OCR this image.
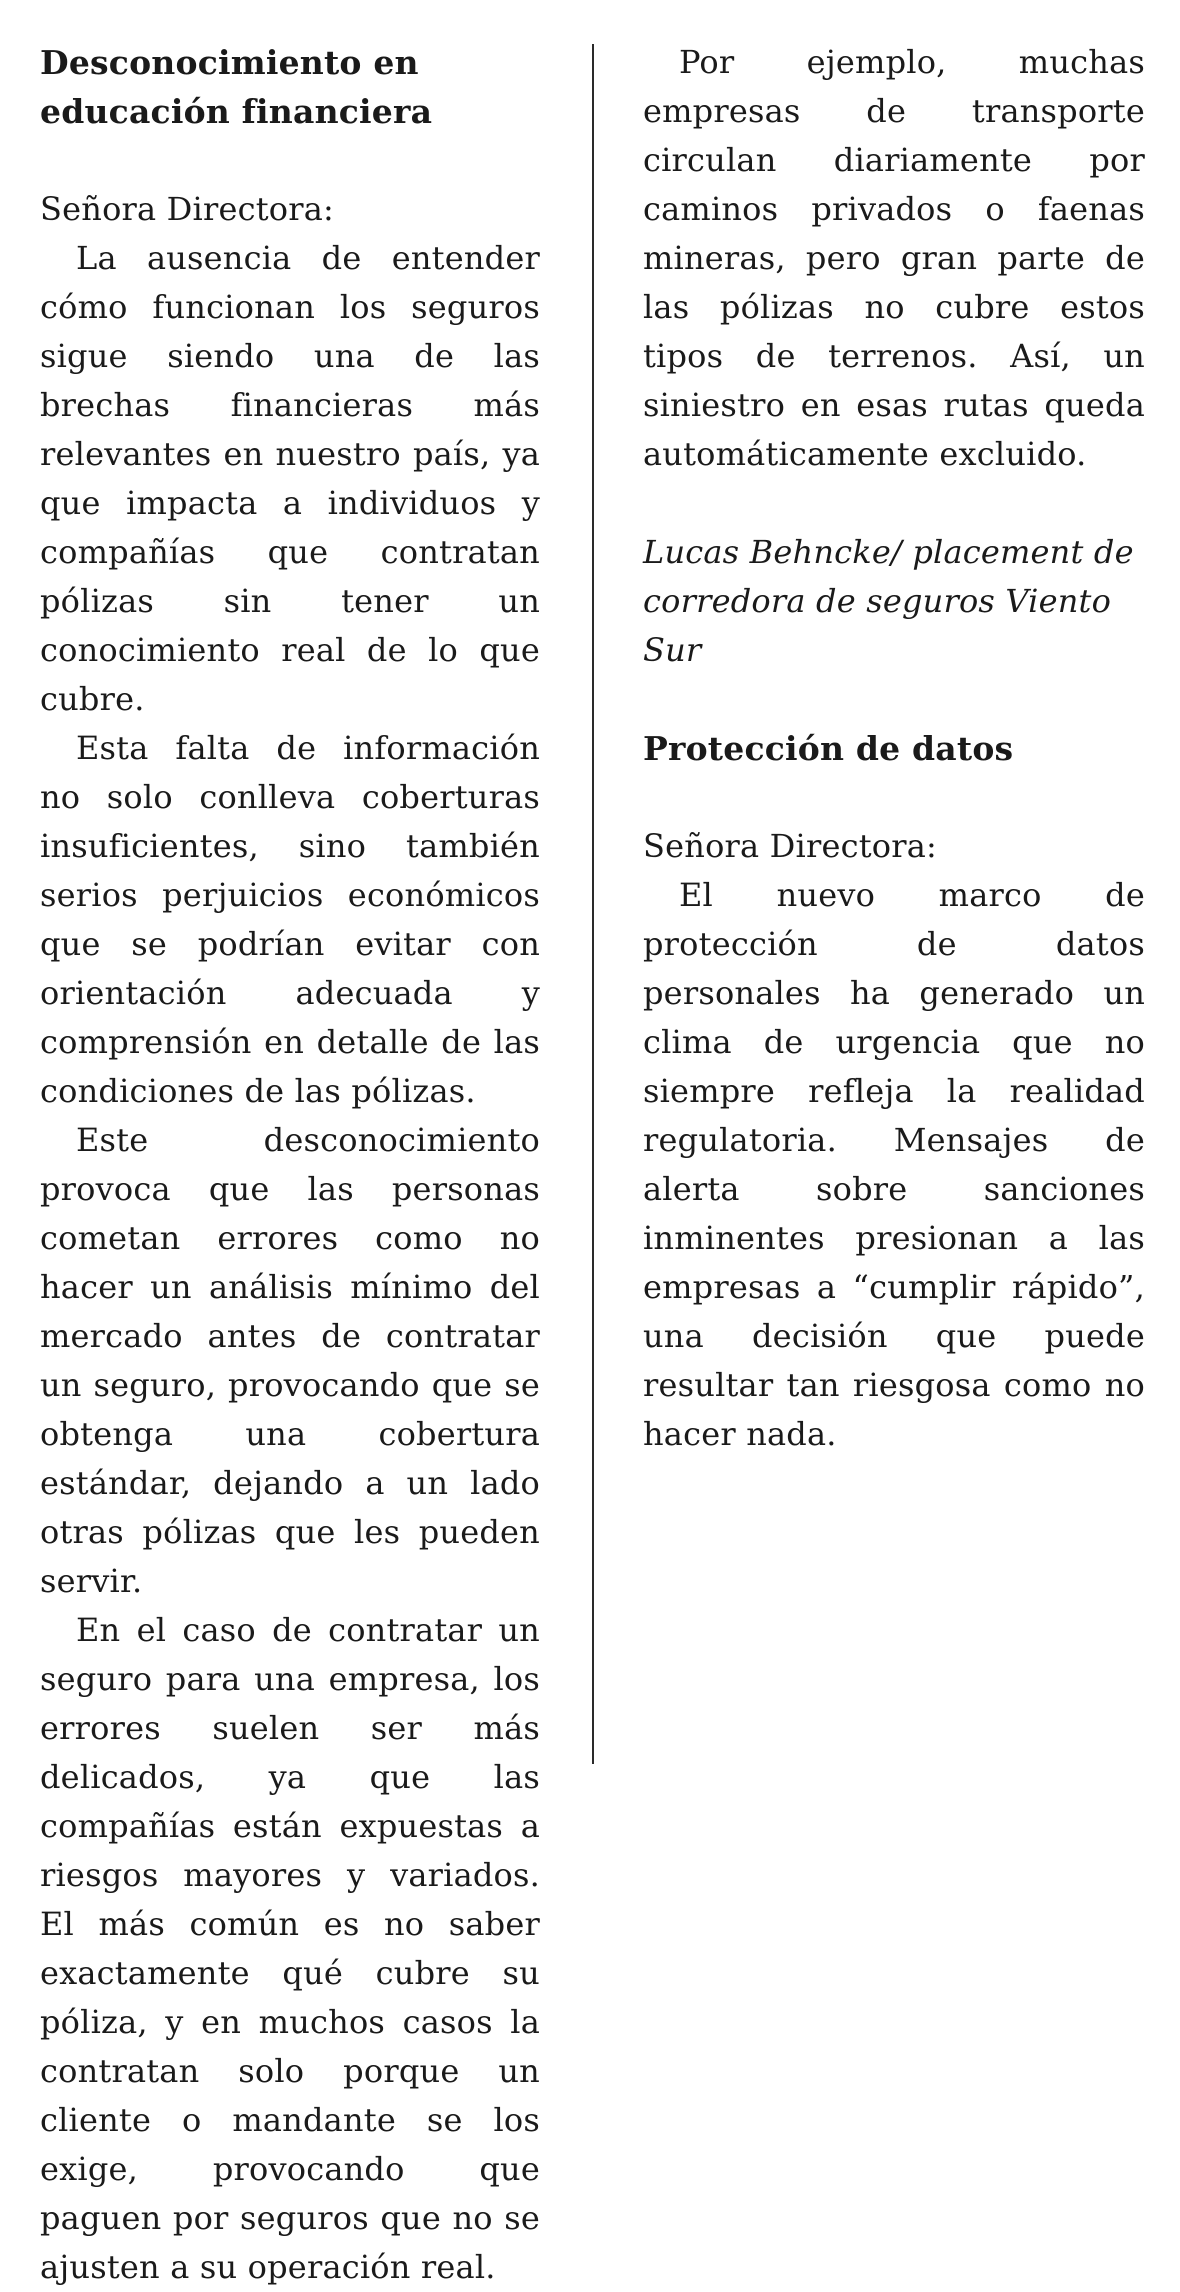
Desconocimiento en
educación financiera
Señora Directora:

La ausencia de entender cómo funcionan los seguros sigue siendo una de las brechas financieras más relevantes en nuestro país, ya que impacta a individuos y compañías que contratan pólizas sin tener un conocimiento real de lo que cubre.

Esta falta de información no solo conlleva coberturas insuficientes, sino también serios perjuicios económicos que se podrían evitar con orientación adecuada y comprensión en detalle de las condiciones de las pólizas.

Este desconocimiento provoca que las personas cometan errores como no hacer un análisis mínimo del mercado antes de contratar un seguro, provocando que se obtenga una cobertura estándar, dejando a un lado otras pólizas que les pueden servir.

En el caso de contratar un seguro para una empresa, los errores suelen ser más delicados, ya que las compañías están expuestas a riesgos mayores y variados. El más común es no saber exactamente qué cubre su póliza, y en muchos casos la contratan solo porque un cliente o mandante se los exige, provocando que paguen por seguros que no se ajusten a su operación real.

Por ejemplo, muchas empresas de transporte circulan diariamente por caminos privados o faenas mineras, pero gran parte de las pólizas no cubre estos tipos de terrenos. Así, un siniestro en esas rutas queda automáticamente excluido.

Lucas Behncke/ placement de
corredora de seguros Viento Sur
Protección de datos
Señora Directora:

El nuevo marco de protección de datos personales ha generado un clima de urgencia que no siempre refleja la realidad regulatoria. Mensajes de alerta sobre sanciones inminentes presionan a las empresas a “cumplir rápido”, una decisión que puede resultar tan riesgosa como no hacer nada.
